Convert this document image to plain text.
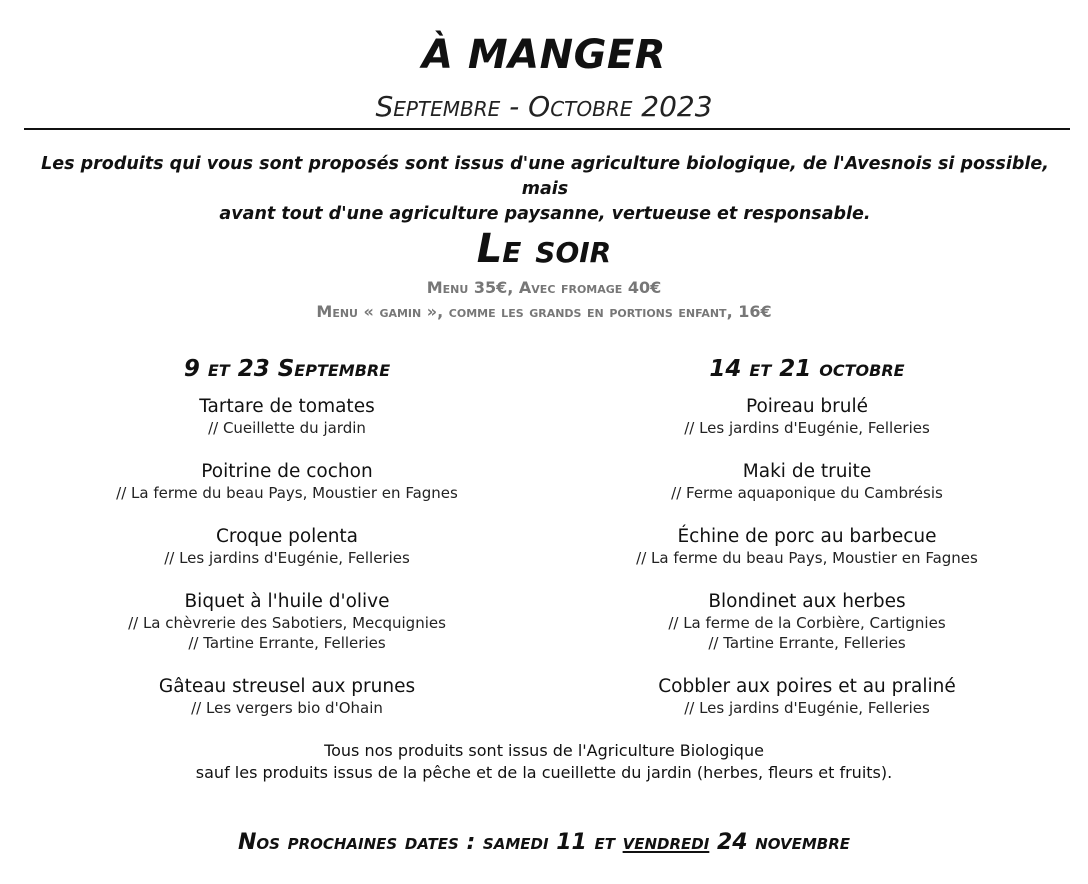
À MANGER
Septembre - Octobre 2023
Les produits qui vous sont proposés sont issus d'une agriculture biologique, de l'Avesnois si possible, mais
avant tout d'une agriculture paysanne, vertueuse et responsable.
Le soir
Menu 35€, Avec fromage 40€
Menu « gamin », comme les grands en portions enfant, 16€
9 et 23 Septembre
Tartare de tomates
// Cueillette du jardin
Poitrine de cochon
// La ferme du beau Pays, Moustier en Fagnes
Croque polenta
// Les jardins d'Eugénie, Felleries
Biquet à l'huile d'olive
// La chèvrerie des Sabotiers, Mecquignies
// Tartine Errante, Felleries
Gâteau streusel aux prunes
// Les vergers bio d'Ohain
14 et 21 octobre
Poireau brulé
// Les jardins d'Eugénie, Felleries
Maki de truite
// Ferme aquaponique du Cambrésis
Échine de porc au barbecue
// La ferme du beau Pays, Moustier en Fagnes
Blondinet aux herbes
// La ferme de la Corbière, Cartignies
// Tartine Errante, Felleries
Cobbler aux poires et au praliné
// Les jardins d'Eugénie, Felleries
Tous nos produits sont issus de l'Agriculture Biologique
sauf les produits issus de la pêche et de la cueillette du jardin (herbes, fleurs et fruits).
Nos prochaines dates : samedi 11 et vendredi 24 novembre
